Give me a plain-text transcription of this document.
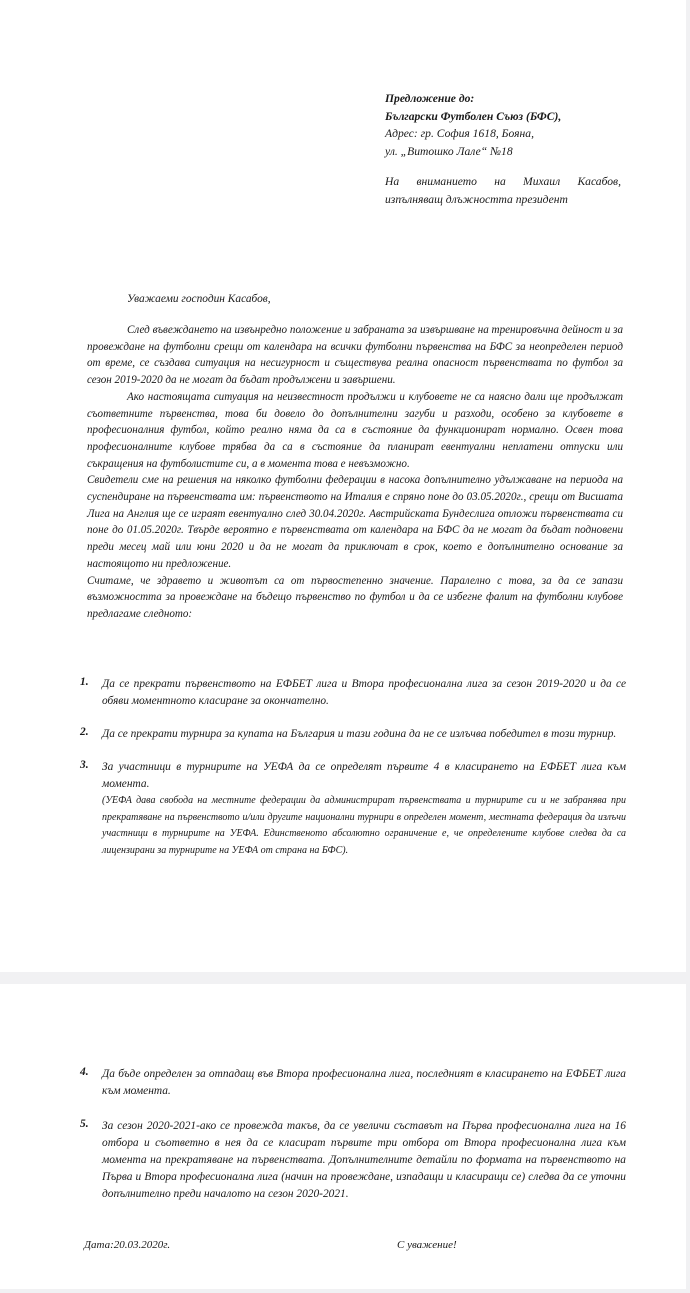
Предложение до:
Български Футболен Съюз (БФС),
Адрес: гр. София 1618, Бояна,
ул. „Витошко Лале“ №18
На вниманието на Михаил Касабов, изпълняващ длъжността президент
Уважаеми господин Касабов,

След въвеждането на извънредно положение и забраната за извършване на тренировъчна дейност и за провеждане на футболни срещи от календара на всички футболни първенства на БФС за неопределен период от време, се създава ситуация на несигурност и съществува реална опасност първенствата по футбол за сезон 2019-2020 да не могат да бъдат продължени и завършени.

Ако настоящата ситуация на неизвестност продължи и клубовете не са наясно дали ще продължат съответните първенства, това би довело до допълнителни загуби и разходи, особено за клубовете в професионалния футбол, който реално няма да са в състояние да функционират нормално. Освен това професионалните клубове трябва да са в състояние да планират евентуални неплатени отпуски или съкращения на футболистите си, а в момента това е невъзможно.

Свидетели сме на решения на няколко футболни федерации в насока допълнително удължаване на периода на суспендиране на първенствата им: първенството на Италия е спряно поне до 03.05.2020г., срещи от Висшата Лига на Англия ще се играят евентуално след 30.04.2020г. Австрийската Бундеслига отложи първенствата си поне до 01.05.2020г. Твърде вероятно е първенствата от календара на БФС да не могат да бъдат подновени преди месец май или юни 2020 и да не могат да приключат в срок, което е допълнително основание за настоящото ни предложение.

Считаме, че здравето и животът са от първостепенно значение. Паралелно с това, за да се запази възможността за провеждане на бъдещо първенство по футбол и да се избегне фалит на футболни клубове предлагаме следното:

1. Да се прекрати първенството на ЕФБЕТ лига и Втора професионална лига за сезон 2019-2020 и да се обяви моментното класиране за окончателно.
2. Да се прекрати турнира за купата на България и тази година да не се излъчва победител в този турнир.
3. За участници в турнирите на УЕФА да се определят първите 4 в класирането на ЕФБЕТ лига към момента.
(УЕФА дава свобода на местните федерации да администрират първенствата и турнирите си и не забранява при прекратяване на първенството и/или другите национални турнири в определен момент, местната федерация да излъчи участници в турнирите на УЕФА. Единственото абсолютно ограничение е, че определените клубове следва да са лицензирани за турнирите на УЕФА от страна на БФС).
4. Да бъде определен за отпадащ във Втора професионална лига, последният в класирането на ЕФБЕТ лига към момента.
5. За сезон 2020-2021-ако се провежда такъв, да се увеличи съставът на Първа професионална лига на 16 отбора и съответно в нея да се класират първите три отбора от Втора професионална лига към момента на прекратяване на първенствата. Допълнителните детайли по формата на първенството на Първа и Втора професионална лига (начин на провеждане, изпадащи и класиращи се) следва да се уточни допълнително преди началото на сезон 2020-2021.
Дата:20.03.2020г.	С уважение!
